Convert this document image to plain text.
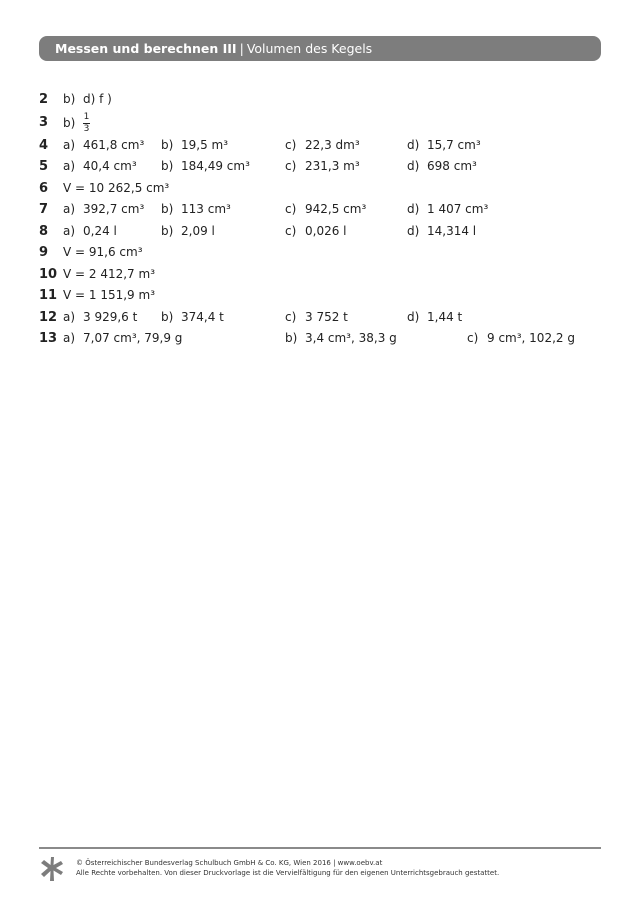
Messen und berechnen III | Volumen des Kegels
2 b) d) f )
3 $b) \frac{1}{3}$
4 a) 461,8 cm³ b) 19,5 m³	c) 22,3 dm³	d) 15,7 cm³
5 a) 40,4 cm³ b) 184,49 cm³	c) 231,3 m³	d) 698 cm³
6 V = 10 262,5 cm³
7 a) 392,7 cm³ b) 113 cm³	c) 942,5 cm³	d) 1 407 cm³
8 a) 0,24 l	b) 2,09 l	c) 0,026 l	d) 14,314 l
9 V = 91,6 cm³
10 V = 2 412,7 m³
11 V = 1 151,9 m³
12 a) 3 929,6 t b) 374,4 t	c) 3 752 t	d) 1,44 t
13 a) 7,07 cm³, 79,9 g	b) 3,4 cm³, 38,3 g	c) 9 cm³, 102,2 g
© Österreichischer Bundesverlag Schulbuch GmbH & Co. KG, Wien 2016 | www.oebv.at
Alle Rechte vorbehalten. Von dieser Druckvorlage ist die Vervielfältigung für den eigenen Unterrichtsgebrauch gestattet.
